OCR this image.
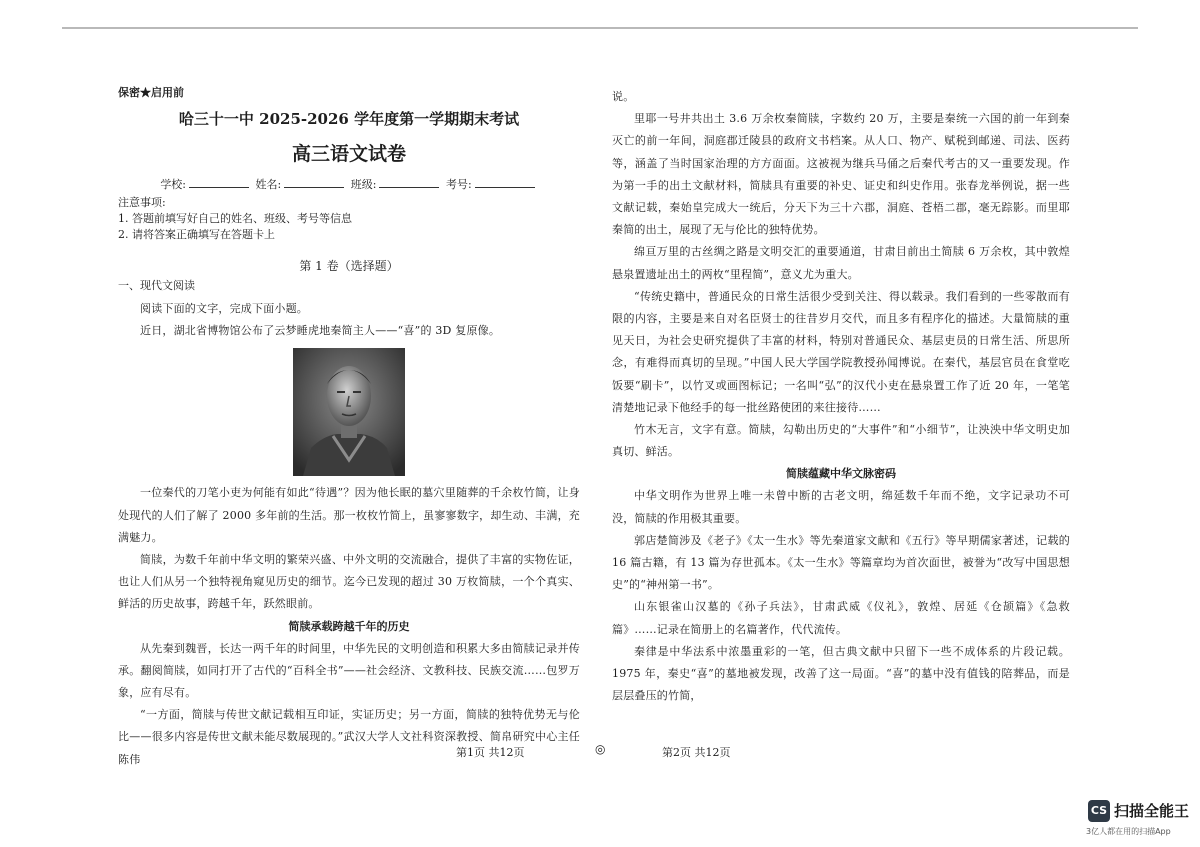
保密★启用前

哈三十一中 2025-2026 学年度第一学期期末考试

高三语文试卷

学校:	姓名:	班级:	考号:

注意事项:

1. 答题前填写好自己的姓名、班级、考号等信息

2. 请将答案正确填写在答题卡上

第 1 卷（选择题）

一、现代文阅读

阅读下面的文字，完成下面小题。

近日，湖北省博物馆公布了云梦睡虎地秦简主人——“喜”的 3D 复原像。

一位秦代的刀笔小吏为何能有如此“待遇”？因为他长眠的墓穴里随葬的千余枚竹简，让身处现代的人们了解了 2000 多年前的生活。那一枚枚竹简上，虽寥寥数字，却生动、丰满，充满魅力。

简牍，为数千年前中华文明的繁荣兴盛、中外文明的交流融合，提供了丰富的实物佐证，也让人们从另一个独特视角窥见历史的细节。迄今已发现的超过 30 万枚简牍，一个个真实、鲜活的历史故事，跨越千年，跃然眼前。

简牍承载跨越千年的历史

从先秦到魏晋，长达一两千年的时间里，中华先民的文明创造和积累大多由简牍记录并传承。翻阅简牍，如同打开了古代的“百科全书”——社会经济、文教科技、民族交流……包罗万象，应有尽有。

“一方面，简牍与传世文献记载相互印证，实证历史；另一方面，简牍的独特优势无与伦比——很多内容是传世文献未能尽数展现的。”武汉大学人文社科资深教授、简帛研究中心主任陈伟

说。

里耶一号井共出土 3.6 万余枚秦简牍，字数约 20 万，主要是秦统一六国的前一年到秦灭亡的前一年间，洞庭郡迁陵县的政府文书档案。从人口、物产、赋税到邮递、司法、医药等，涵盖了当时国家治理的方方面面。这被视为继兵马俑之后秦代考古的又一重要发现。作为第一手的出土文献材料，简牍具有重要的补史、证史和纠史作用。张春龙举例说，据一些文献记载，秦始皇完成大一统后，分天下为三十六郡，洞庭、苍梧二郡，毫无踪影。而里耶秦简的出土，展现了无与伦比的独特优势。

绵亘万里的古丝绸之路是文明交汇的重要通道，甘肃目前出土简牍 6 万余枚，其中敦煌悬泉置遗址出土的两枚“里程简”，意义尤为重大。

“传统史籍中，普通民众的日常生活很少受到关注、得以载录。我们看到的一些零散而有限的内容，主要是来自对名臣贤士的往昔岁月交代，而且多有程序化的描述。大量简牍的重见天日，为社会史研究提供了丰富的材料，特别对普通民众、基层吏员的日常生活、所思所念，有难得而真切的呈现。”中国人民大学国学院教授孙闻博说。在秦代，基层官员在食堂吃饭要“刷卡”，以竹叉或画图标记；一名叫“弘”的汉代小吏在悬泉置工作了近 20 年，一笔笔清楚地记录下他经手的每一批丝路使团的来往接待……

竹木无言，文字有意。简牍，勾勒出历史的“大事件”和“小细节”，让泱泱中华文明史加真切、鲜活。

简牍蕴藏中华文脉密码

中华文明作为世界上唯一未曾中断的古老文明，绵延数千年而不绝，文字记录功不可没，简牍的作用极其重要。

郭店楚简涉及《老子》《太一生水》等先秦道家文献和《五行》等早期儒家著述，记载的 16 篇古籍，有 13 篇为存世孤本。《太一生水》等篇章均为首次面世，被誉为“改写中国思想史”的“神州第一书”。

山东银雀山汉墓的《孙子兵法》，甘肃武威《仪礼》，敦煌、居延《仓颉篇》《急救篇》……记录在简册上的名篇著作，代代流传。

秦律是中华法系中浓墨重彩的一笔，但古典文献中只留下一些不成体系的片段记载。1975 年，秦史“喜”的墓地被发现，改善了这一局面。“喜”的墓中没有值钱的陪葬品，而是层层叠压的竹简，

第1页 共12页	◎	第2页 共12页
CS 扫描全能王
3亿人都在用的扫描App
